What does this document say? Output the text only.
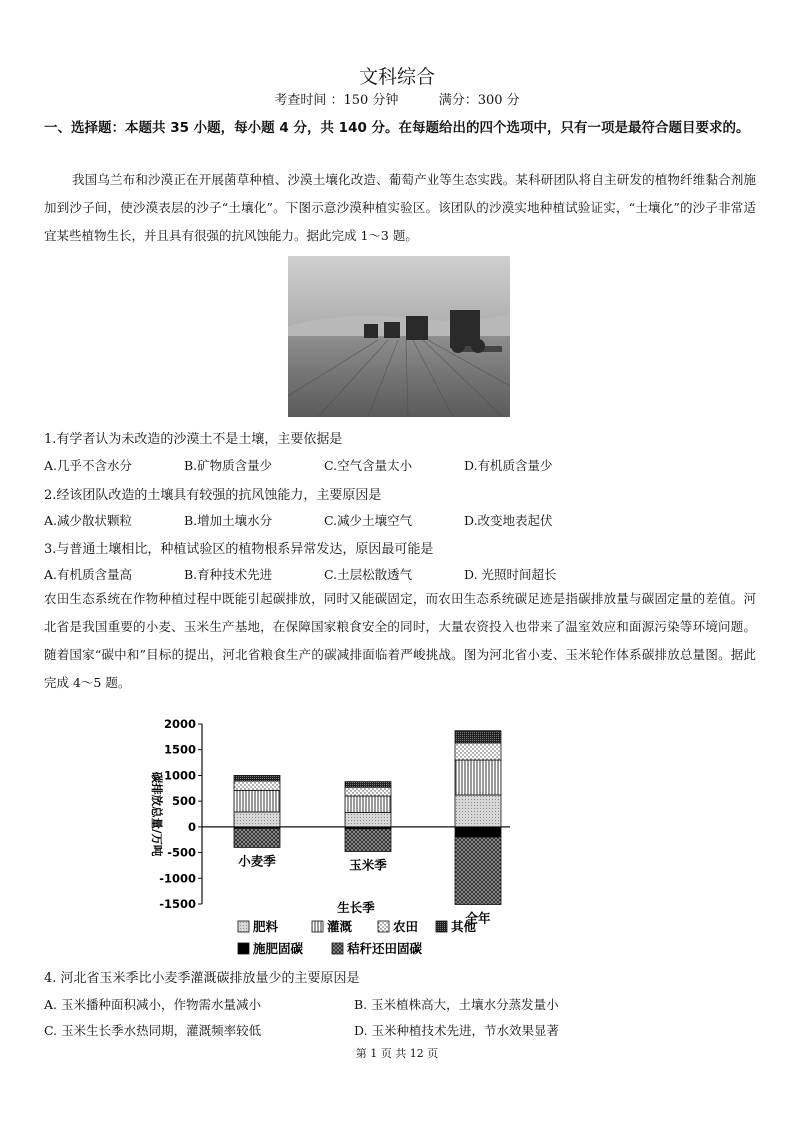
文科综合
考查时间 ：150 分钟	满分：300 分
一、选择题：本题共 35 小题，每小题 4 分，共 140 分。在每题给出的四个选项中，只有一项是最符合题目要求的。
我国乌兰布和沙漠正在开展菌草种植、沙漠土壤化改造、葡萄产业等生态实践。某科研团队将自主研发的植物纤维黏合剂施加到沙子间，使沙漠表层的沙子“土壤化”。下图示意沙漠种植实验区。该团队的沙漠实地种植试验证实，“土壤化”的沙子非常适宜某些植物生长，并且具有很强的抗风蚀能力。据此完成 1～3 题。
1.有学者认为未改造的沙漠土不是土壤，主要依据是
A.几乎不含水分	B.矿物质含量少	C.空气含量太小	D.有机质含量少
2.经该团队改造的土壤具有较强的抗风蚀能力，主要原因是
A.减少散状颗粒	B.增加土壤水分	C.减少土壤空气	D.改变地表起伏
3.与普通土壤相比，种植试验区的植物根系异常发达，原因最可能是
A.有机质含量高	B.育种技术先进	C.土层松散透气	D. 光照时间超长
农田生态系统在作物种植过程中既能引起碳排放，同时又能碳固定，而农田生态系统碳足迹是指碳排放量与碳固定量的差值。河北省是我国重要的小麦、玉米生产基地，在保障国家粮食安全的同时，大量农资投入也带来了温室效应和面源污染等环境问题。随着国家“碳中和”目标的提出，河北省粮食生产的碳减排面临着严峻挑战。图为河北省小麦、玉米轮作体系碳排放总量图。据此完成 4～5 题。
碳排放总量/万吨
2000
1500
1000
500
0
-500
-1000
-1500
小麦季	玉米季
全年
生长季
肥料	灌溉	农田	其他
施肥固碳	秸秆还田固碳
4. 河北省玉米季比小麦季灌溉碳排放量少的主要原因是
A. 玉米播种面积减小，作物需水量减小	B. 玉米植株高大，土壤水分蒸发量小
C. 玉米生长季水热同期，灌溉频率较低	D. 玉米种植技术先进，节水效果显著
第 1 页 共 12 页
